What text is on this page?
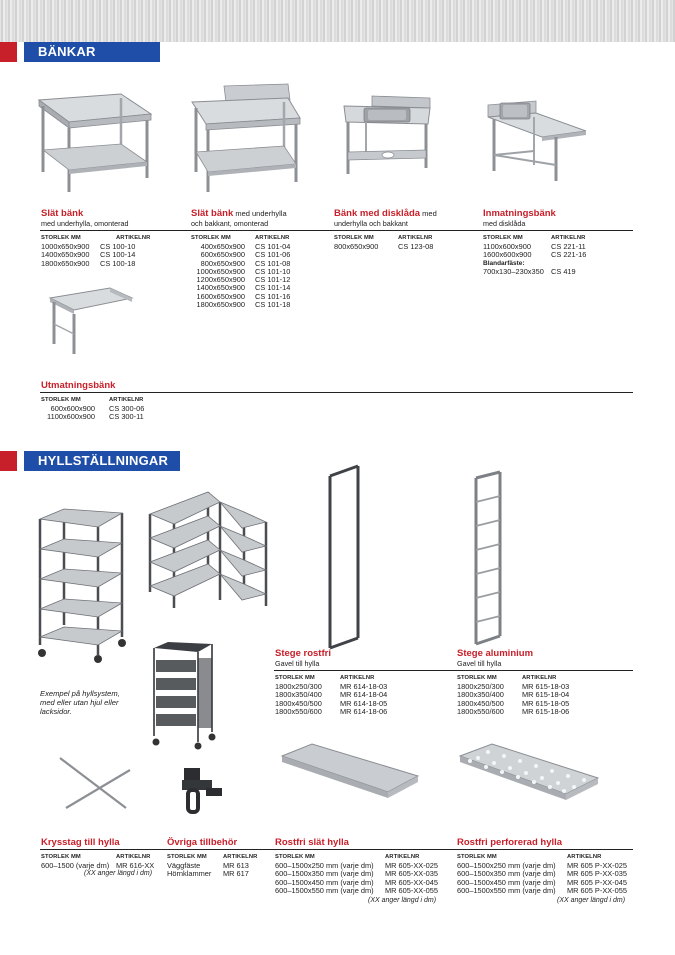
BÄNKAR
Slät bänk
med underhylla, omonterad
Slät bänk med underhylla
och bakkant, omonterad
Bänk med disklåda med
underhylla och bakkant
Inmatningsbänk
med disklåda
STORLEK MM	ARTIKELNR
1000x650x900	CS 100-10
1400x650x900	CS 100-14
1800x650x900	CS 100-18
STORLEK MM	ARTIKELNR
400x650x900 CS 101-04
600x650x900 CS 101-06
800x650x900 CS 101-08
1000x650x900 CS 101-10
1200x650x900 CS 101-12
1400x650x900 CS 101-14
1600x650x900 CS 101-16
1800x650x900 CS 101-18
STORLEK MM	ARTIKELNR
800x650x900	CS 123-08
STORLEK MM	ARTIKELNR
1100x600x900	CS 221-11
1600x600x900	CS 221-16
Blandarfäste:
700x130–230x350 CS 419
Utmatningsbänk
STORLEK MM	ARTIKELNR
600x600x900 CS 300-06
1100x600x900 CS 300-11
HYLLSTÄLLNINGAR
Exempel på hyllsystem, med eller utan hjul eller lacksidor.
Stege rostfri
Gavel till hylla
Stege aluminium
Gavel till hylla
STORLEK MM	ARTIKELNR
1800x250/300	MR 614-18-03
1800x350/400	MR 614-18-04
1800x450/500	MR 614-18-05
1800x550/600	MR 614-18-06
STORLEK MM	ARTIKELNR
1800x250/300	MR 615-18-03
1800x350/400	MR 615-18-04
1800x450/500	MR 615-18-05
1800x550/600	MR 615-18-06
Krysstag till hylla	Övriga tillbehör	Rostfri slät hylla	Rostfri perforerad hylla
STORLEK MM	ARTIKELNR
600–1500 (varje dm) MR 616-XX
(XX anger längd i dm)
STORLEK MM	ARTIKELNR
Väggfäste	MR 613
Hörnklammer	MR 617
STORLEK MM	ARTIKELNR
600–1500x250 mm (varje dm)	MR 605-XX-025
600–1500x350 mm (varje dm)	MR 605-XX-035
600–1500x450 mm (varje dm)	MR 605-XX-045
600–1500x550 mm (varje dm)	MR 605-XX-055
(XX anger längd i dm)
STORLEK MM	ARTIKELNR
600–1500x250 mm (varje dm)	MR 605 P-XX-025
600–1500x350 mm (varje dm)	MR 605 P-XX-035
600–1500x450 mm (varje dm)	MR 605 P-XX-045
600–1500x550 mm (varje dm)	MR 605 P-XX-055
(XX anger längd i dm)
